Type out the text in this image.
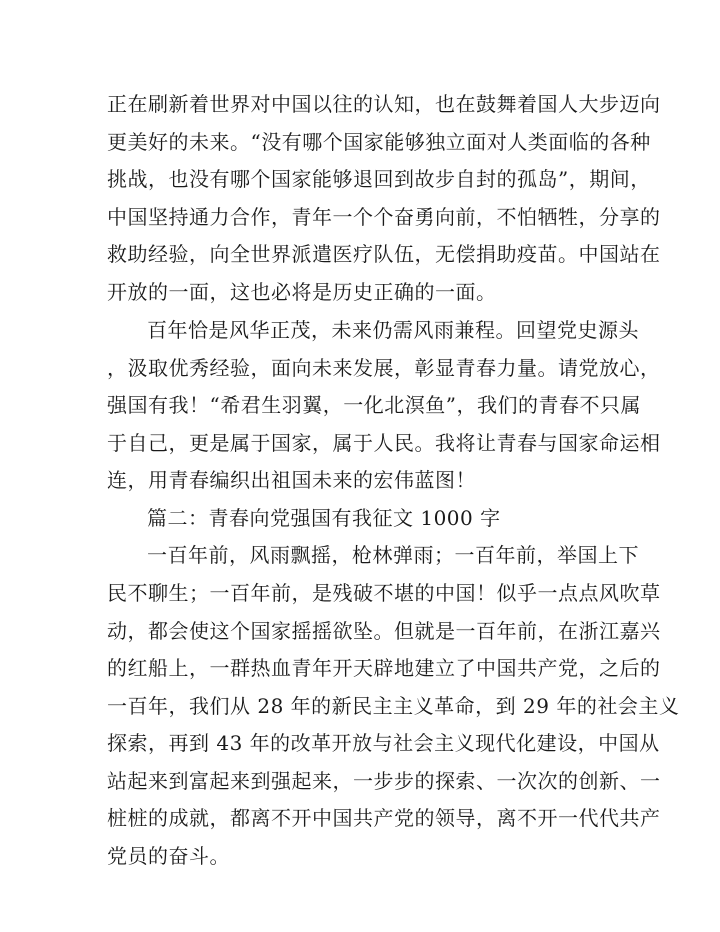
正在刷新着世界对中国以往的认知，也在鼓舞着国人大步迈向
更美好的未来。“没有哪个国家能够独立面对人类面临的各种
挑战，也没有哪个国家能够退回到故步自封的孤岛”，期间，
中国坚持通力合作，青年一个个奋勇向前，不怕牺牲，分享的
救助经验，向全世界派遣医疗队伍，无偿捐助疫苗。中国站在
开放的一面，这也必将是历史正确的一面。
百年恰是风华正茂，未来仍需风雨兼程。回望党史源头
，汲取优秀经验，面向未来发展，彰显青春力量。请党放心，
强国有我！“希君生羽翼，一化北溟鱼”，我们的青春不只属
于自己，更是属于国家，属于人民。我将让青春与国家命运相
连，用青春编织出祖国未来的宏伟蓝图！
篇二：青春向党强国有我征文 1000 字
一百年前，风雨飘摇，枪林弹雨；一百年前，举国上下
民不聊生；一百年前，是残破不堪的中国！似乎一点点风吹草
动，都会使这个国家摇摇欲坠。但就是一百年前，在浙江嘉兴
的红船上，一群热血青年开天辟地建立了中国共产党，之后的
一百年，我们从 28 年的新民主主义革命，到 29 年的社会主义
探索，再到 43 年的改革开放与社会主义现代化建设，中国从
站起来到富起来到强起来，一步步的探索、一次次的创新、一
桩桩的成就，都离不开中国共产党的领导，离不开一代代共产
党员的奋斗。
